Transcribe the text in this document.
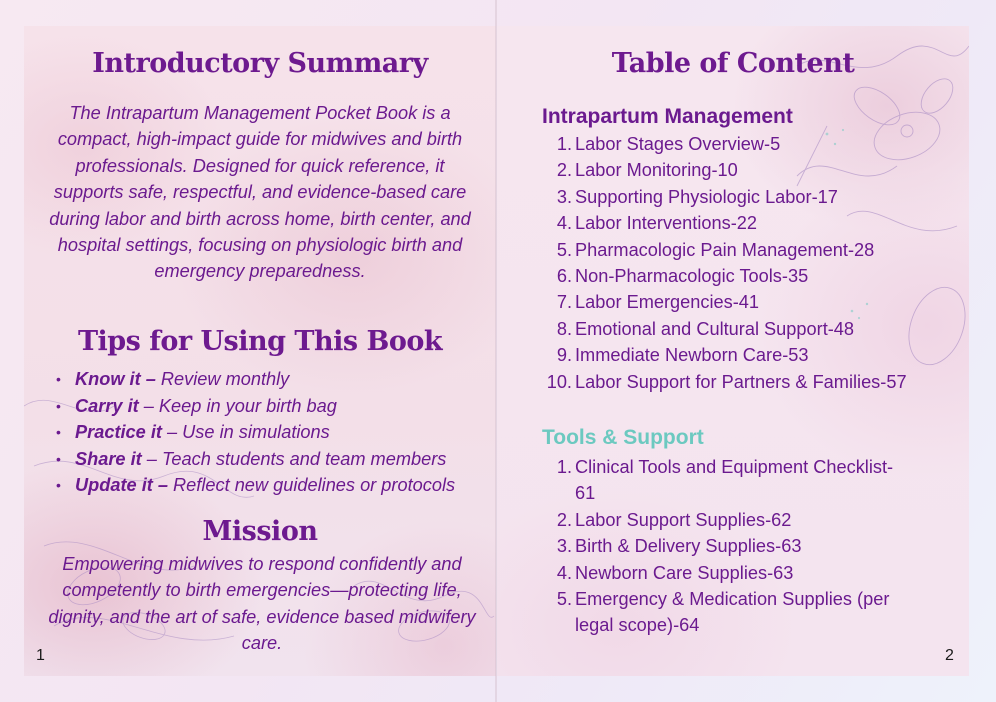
Introductory Summary

The Intrapartum Management Pocket Book is a compact, high-impact guide for midwives and birth professionals. Designed for quick reference, it supports safe, respectful, and evidence-based care during labor and birth across home, birth center, and hospital settings, focusing on physiologic birth and emergency preparedness.

Tips for Using This Book
• Know it – Review monthly
• Carry it – Keep in your birth bag
• Practice it – Use in simulations
• Share it – Teach students and team members
• Update it – Reflect new guidelines or protocols
Mission

Empowering midwives to respond confidently and competently to birth emergencies—protecting life, dignity, and the art of safe, evidence based midwifery care.

1
Table of Content
Intrapartum Management
1. Labor Stages Overview-5
2. Labor Monitoring-10
3. Supporting Physiologic Labor-17
4. Labor Interventions-22
5. Pharmacologic Pain Management-28
6. Non-Pharmacologic Tools-35
7. Labor Emergencies-41
8. Emotional and Cultural Support-48
9. Immediate Newborn Care-53
10. Labor Support for Partners & Families-57
Tools & Support
1. Clinical Tools and Equipment Checklist-61
2. Labor Support Supplies-62
3. Birth & Delivery Supplies-63
4. Newborn Care Supplies-63
5. Emergency & Medication Supplies (per legal scope)-64
2
